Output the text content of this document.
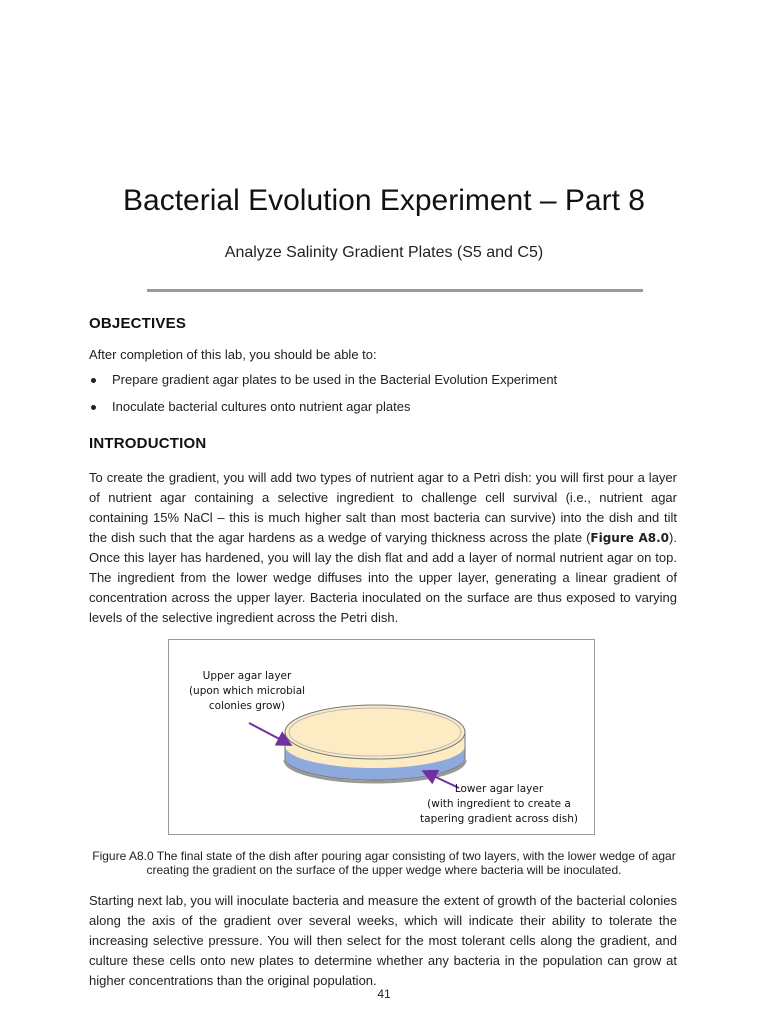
Bacterial Evolution Experiment – Part 8

Analyze Salinity Gradient Plates (S5 and C5)

OBJECTIVES

After completion of this lab, you should be able to:

Prepare gradient agar plates to be used in the Bacterial Evolution Experiment
Inoculate bacterial cultures onto nutrient agar plates
INTRODUCTION

To create the gradient, you will add two types of nutrient agar to a Petri dish: you will first pour a layer of nutrient agar containing a selective ingredient to challenge cell survival (i.e., nutrient agar containing 15% NaCl – this is much higher salt than most bacteria can survive) into the dish and tilt the dish such that the agar hardens as a wedge of varying thickness across the plate (Figure A8.0). Once this layer has hardened, you will lay the dish flat and add a layer of normal nutrient agar on top. The ingredient from the lower wedge diffuses into the upper layer, generating a linear gradient of concentration across the upper layer. Bacteria inoculated on the surface are thus exposed to varying levels of the selective ingredient across the Petri dish.

Upper agar layer
(upon which microbial
colonies grow)
Lower agar layer
(with ingredient to create a
tapering gradient across dish)

Figure A8.0 The final state of the dish after pouring agar consisting of two layers, with the lower wedge of agar creating the gradient on the surface of the upper wedge where bacteria will be inoculated.

Starting next lab, you will inoculate bacteria and measure the extent of growth of the bacterial colonies along the axis of the gradient over several weeks, which will indicate their ability to tolerate the increasing selective pressure. You will then select for the most tolerant cells along the gradient, and culture these cells onto new plates to determine whether any bacteria in the population can grow at higher concentrations than the original population.

41
